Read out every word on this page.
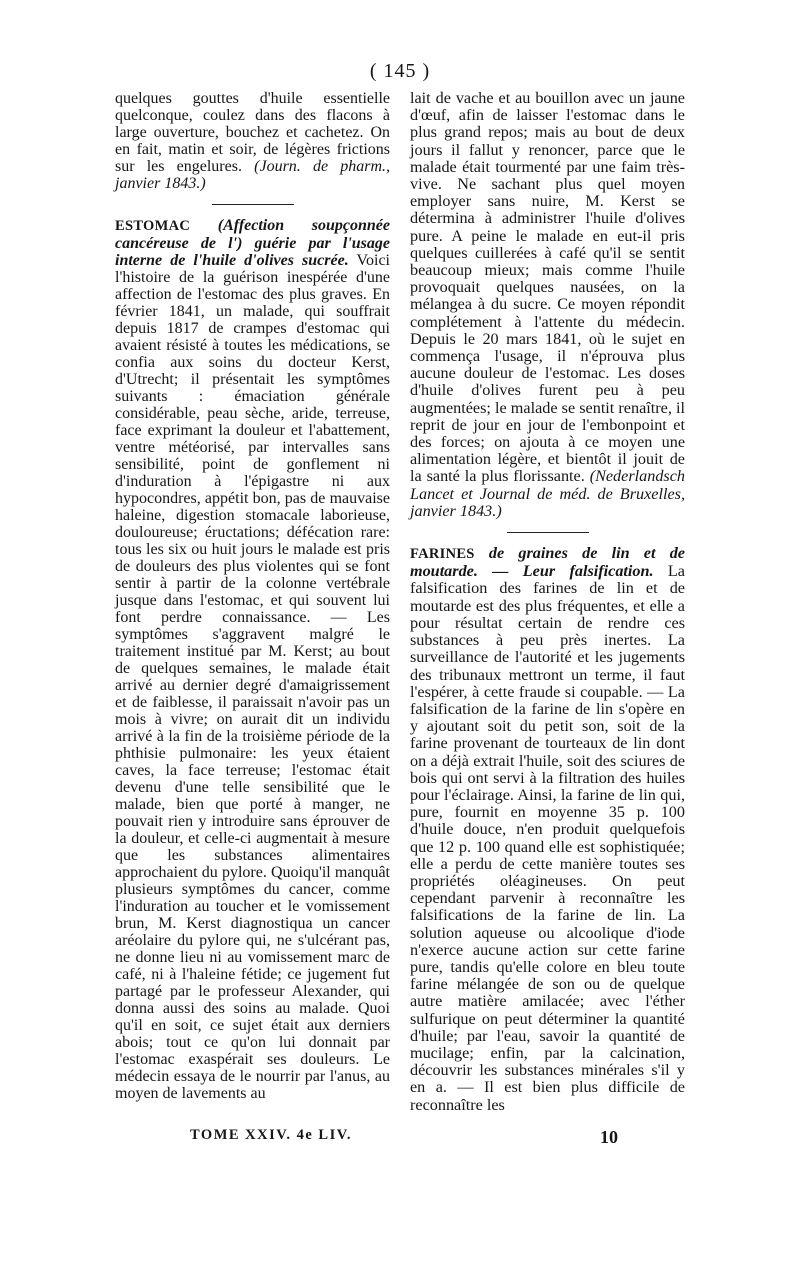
( 145 )

quelques gouttes d'huile essentielle quelconque, coulez dans des flacons à large ouverture, bouchez et cachetez. On en fait, matin et soir, de légères frictions sur les engelures. (Journ. de pharm., janvier 1843.)

ESTOMAC (Affection soupçonnée cancéreuse de l') guérie par l'usage interne de l'huile d'olives sucrée. Voici l'histoire de la guérison inespérée d'une affection de l'estomac des plus graves. En février 1841, un malade, qui souffrait depuis 1817 de crampes d'estomac qui avaient résisté à toutes les médications, se confia aux soins du docteur Kerst, d'Utrecht; il présentait les symptômes suivants : émaciation générale considérable, peau sèche, aride, terreuse, face exprimant la douleur et l'abattement, ventre météorisé, par intervalles sans sensibilité, point de gonflement ni d'induration à l'épigastre ni aux hypocondres, appétit bon, pas de mauvaise haleine, digestion stomacale laborieuse, douloureuse; éructations; défécation rare: tous les six ou huit jours le malade est pris de douleurs des plus violentes qui se font sentir à partir de la colonne vertébrale jusque dans l'estomac, et qui souvent lui font perdre connaissance. — Les symptômes s'aggravent malgré le traitement institué par M. Kerst; au bout de quelques semaines, le malade était arrivé au dernier degré d'amaigrissement et de faiblesse, il paraissait n'avoir pas un mois à vivre; on aurait dit un individu arrivé à la fin de la troisième période de la phthisie pulmonaire: les yeux étaient caves, la face terreuse; l'estomac était devenu d'une telle sensibilité que le malade, bien que porté à manger, ne pouvait rien y introduire sans éprouver de la douleur, et celle-ci augmentait à mesure que les substances alimentaires approchaient du pylore. Quoiqu'il manquât plusieurs symptômes du cancer, comme l'induration au toucher et le vomissement brun, M. Kerst diagnostiqua un cancer aréolaire du pylore qui, ne s'ulcérant pas, ne donne lieu ni au vomissement marc de café, ni à l'haleine fétide; ce jugement fut partagé par le professeur Alexander, qui donna aussi des soins au malade. Quoi qu'il en soit, ce sujet était aux derniers abois; tout ce qu'on lui donnait par l'estomac exaspérait ses douleurs. Le médecin essaya de le nourrir par l'anus, au moyen de lavements au

lait de vache et au bouillon avec un jaune d'œuf, afin de laisser l'estomac dans le plus grand repos; mais au bout de deux jours il fallut y renoncer, parce que le malade était tourmenté par une faim très-vive. Ne sachant plus quel moyen employer sans nuire, M. Kerst se détermina à administrer l'huile d'olives pure. A peine le malade en eut-il pris quelques cuillerées à café qu'il se sentit beaucoup mieux; mais comme l'huile provoquait quelques nausées, on la mélangea à du sucre. Ce moyen répondit complétement à l'attente du médecin. Depuis le 20 mars 1841, où le sujet en commença l'usage, il n'éprouva plus aucune douleur de l'estomac. Les doses d'huile d'olives furent peu à peu augmentées; le malade se sentit renaître, il reprit de jour en jour de l'embonpoint et des forces; on ajouta à ce moyen une alimentation légère, et bientôt il jouit de la santé la plus florissante. (Nederlandsch Lancet et Journal de méd. de Bruxelles, janvier 1843.)

FARINES de graines de lin et de moutarde. — Leur falsification. La falsification des farines de lin et de moutarde est des plus fréquentes, et elle a pour résultat certain de rendre ces substances à peu près inertes. La surveillance de l'autorité et les jugements des tribunaux mettront un terme, il faut l'espérer, à cette fraude si coupable. — La falsification de la farine de lin s'opère en y ajoutant soit du petit son, soit de la farine provenant de tourteaux de lin dont on a déjà extrait l'huile, soit des sciures de bois qui ont servi à la filtration des huiles pour l'éclairage. Ainsi, la farine de lin qui, pure, fournit en moyenne 35 p. 100 d'huile douce, n'en produit quelquefois que 12 p. 100 quand elle est sophistiquée; elle a perdu de cette manière toutes ses propriétés oléagineuses. On peut cependant parvenir à reconnaître les falsifications de la farine de lin. La solution aqueuse ou alcoolique d'iode n'exerce aucune action sur cette farine pure, tandis qu'elle colore en bleu toute farine mélangée de son ou de quelque autre matière amilacée; avec l'éther sulfurique on peut déterminer la quantité d'huile; par l'eau, savoir la quantité de mucilage; enfin, par la calcination, découvrir les substances minérales s'il y en a. — Il est bien plus difficile de reconnaître les

TOME XXIV. 4e LIV.	10
